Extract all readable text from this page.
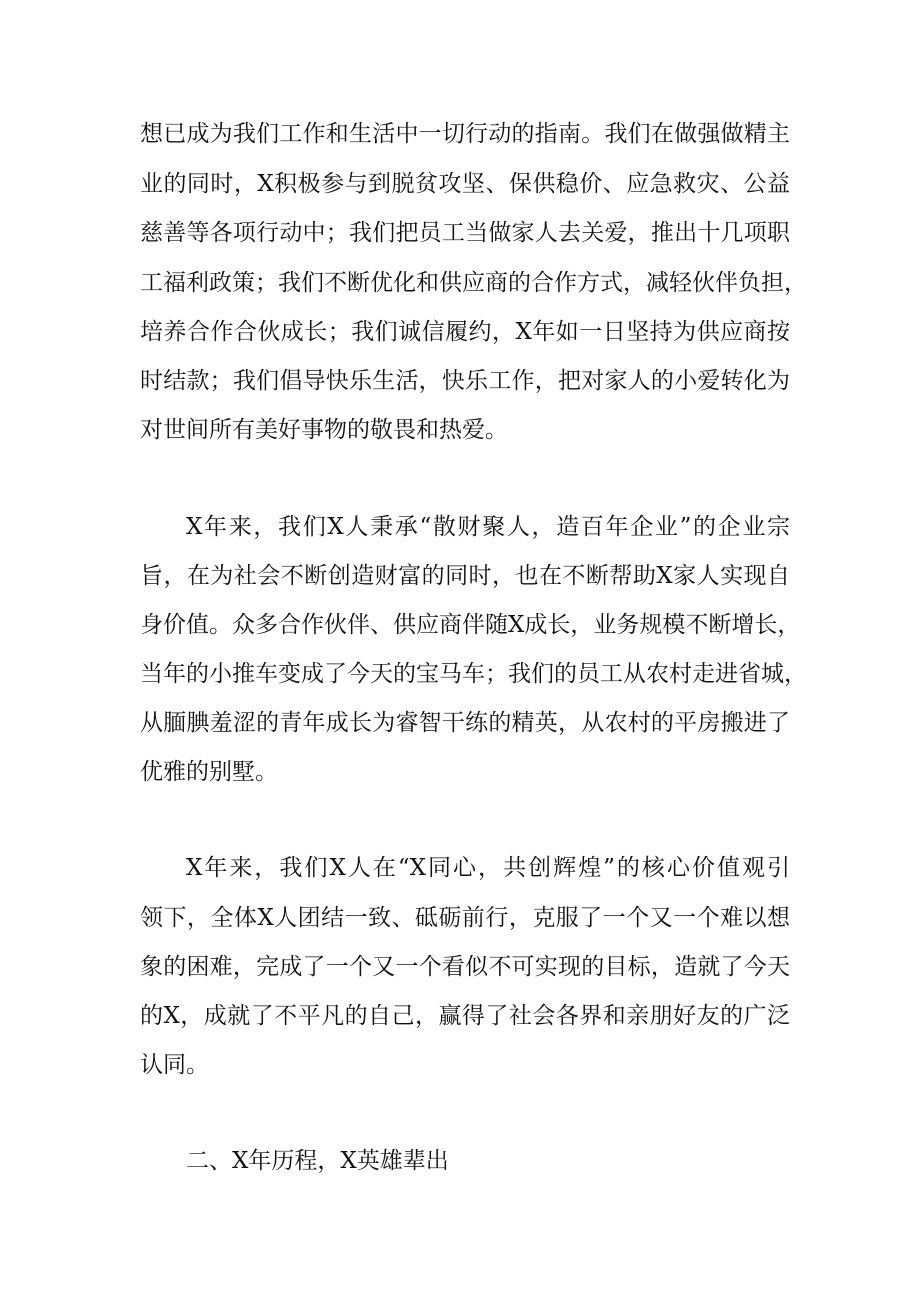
想已成为我们工作和生活中一切行动的指南。我们在做强做精主
业的同时，X积极参与到脱贫攻坚、保供稳价、应急救灾、公益
慈善等各项行动中；我们把员工当做家人去关爱，推出十几项职
工福利政策；我们不断优化和供应商的合作方式，减轻伙伴负担，
培养合作合伙成长；我们诚信履约，X年如一日坚持为供应商按
时结款；我们倡导快乐生活，快乐工作，把对家人的小爱转化为
对世间所有美好事物的敬畏和热爱。
X年来，我们X人秉承“散财聚人，造百年企业”的企业宗
旨，在为社会不断创造财富的同时，也在不断帮助X家人实现自
身价值。众多合作伙伴、供应商伴随X成长，业务规模不断增长，
当年的小推车变成了今天的宝马车；我们的员工从农村走进省城，
从腼腆羞涩的青年成长为睿智干练的精英，从农村的平房搬进了
优雅的别墅。
X年来，我们X人在“X同心，共创辉煌”的核心价值观引
领下，全体X人团结一致、砥砺前行，克服了一个又一个难以想
象的困难，完成了一个又一个看似不可实现的目标，造就了今天
的X，成就了不平凡的自己，赢得了社会各界和亲朋好友的广泛
认同。
二、X年历程，X英雄辈出
